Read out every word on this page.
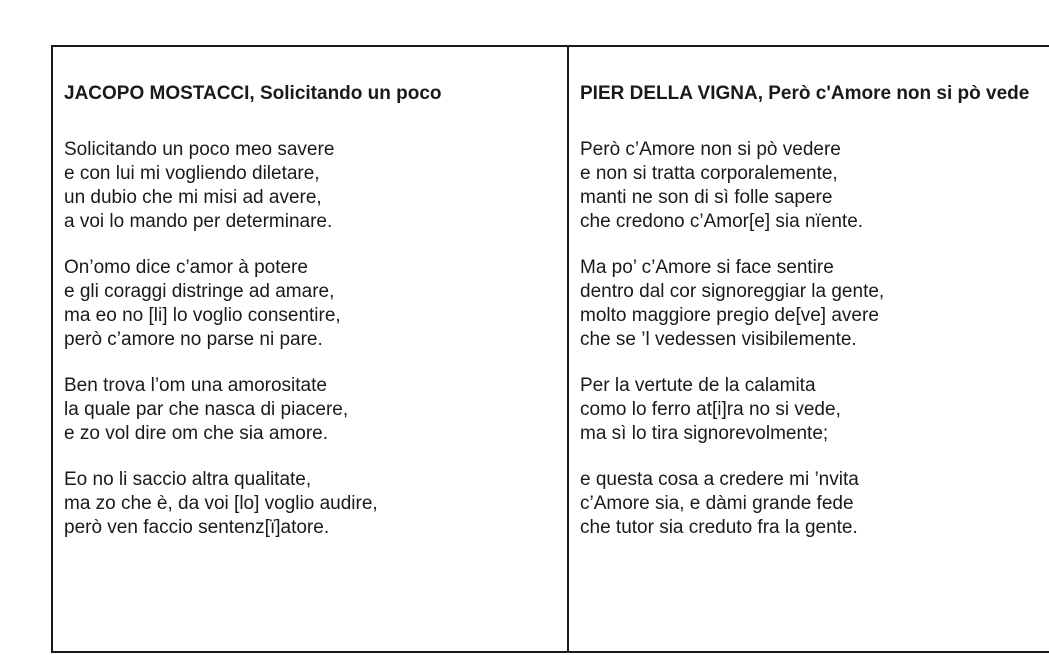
JACOPO MOSTACCI, Solicitando un poco
Solicitando un poco meo savere
e con lui mi vogliendo diletare,
un dubio che mi misi ad avere,
a voi lo mando per determinare.
On’omo dice c’amor à potere
e gli coraggi distringe ad amare,
ma eo no [li] lo voglio consentire,
però c’amore no parse ni pare.
Ben trova l’om una amorositate
la quale par che nasca di piacere,
e zo vol dire om che sia amore.
Eo no li saccio altra qualitate,
ma zo che è, da voi [lo] voglio audire,
però ven faccio sentenz[ï]atore.
PIER DELLA VIGNA, Però c'Amore non si pò vede
Però c’Amore non si pò vedere
e non si tratta corporalemente,
manti ne son di sì folle sapere
che credono c’Amor[e] sia nïente.
Ma po’ c’Amore si face sentire
dentro dal cor signoreggiar la gente,
molto maggiore pregio de[ve] avere
che se ’l vedessen visibilemente.
Per la vertute de la calamita
como lo ferro at[i]ra no si vede,
ma sì lo tira signorevolmente;
e questa cosa a credere mi ’nvita
c’Amore sia, e dàmi grande fede
che tutor sia creduto fra la gente.
